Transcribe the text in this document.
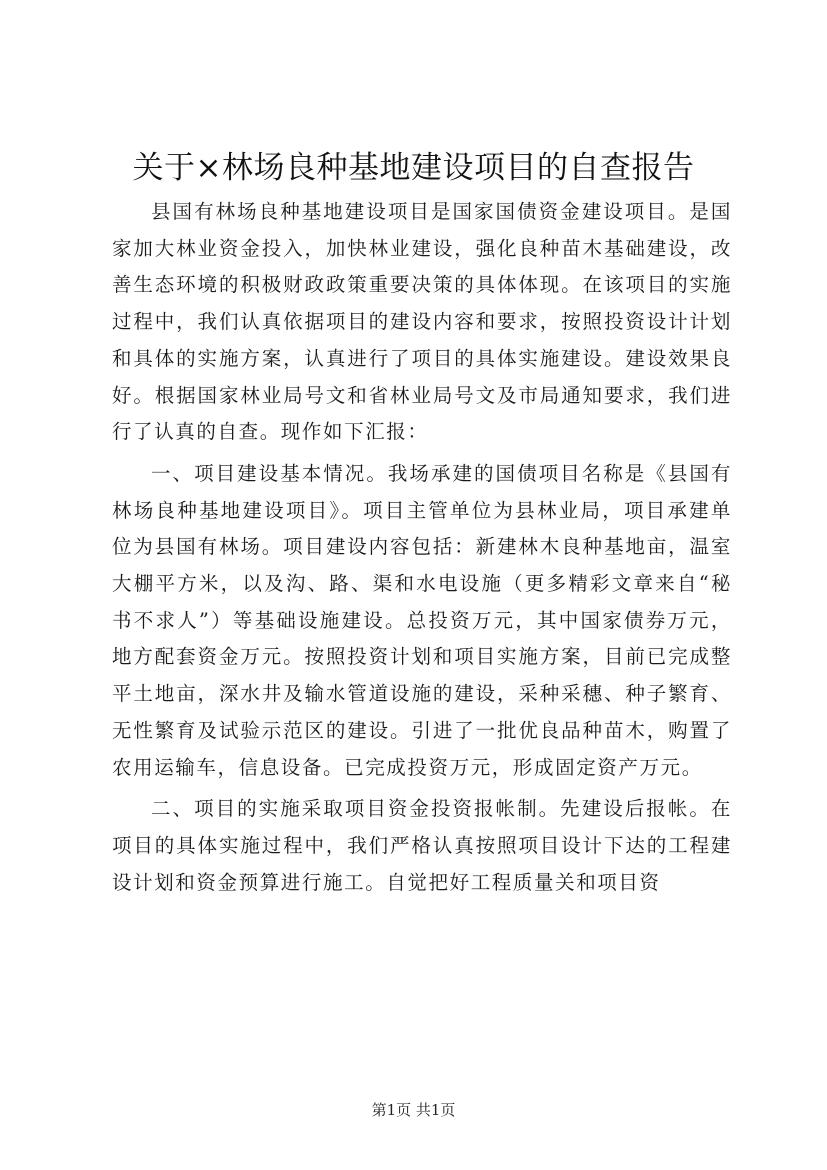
关于×林场良种基地建设项目的自查报告

县国有林场良种基地建设项目是国家国债资金建设项目。是国家加大林业资金投入，加快林业建设，强化良种苗木基础建设，改善生态环境的积极财政政策重要决策的具体体现。在该项目的实施过程中，我们认真依据项目的建设内容和要求，按照投资设计计划和具体的实施方案，认真进行了项目的具体实施建设。建设效果良好。根据国家林业局号文和省林业局号文及市局通知要求，我们进行了认真的自查。现作如下汇报：

一、项目建设基本情况。我场承建的国债项目名称是《县国有林场良种基地建设项目》。项目主管单位为县林业局，项目承建单位为县国有林场。项目建设内容包括：新建林木良种基地亩，温室大棚平方米，以及沟、路、渠和水电设施（更多精彩文章来自“秘书不求人”）等基础设施建设。总投资万元，其中国家债券万元，地方配套资金万元。按照投资计划和项目实施方案，目前已完成整平土地亩，深水井及输水管道设施的建设，采种采穗、种子繁育、无性繁育及试验示范区的建设。引进了一批优良品种苗木，购置了农用运输车，信息设备。已完成投资万元，形成固定资产万元。

二、项目的实施采取项目资金投资报帐制。先建设后报帐。在项目的具体实施过程中，我们严格认真按照项目设计下达的工程建设计划和资金预算进行施工。自觉把好工程质量关和项目资

第1页 共1页
